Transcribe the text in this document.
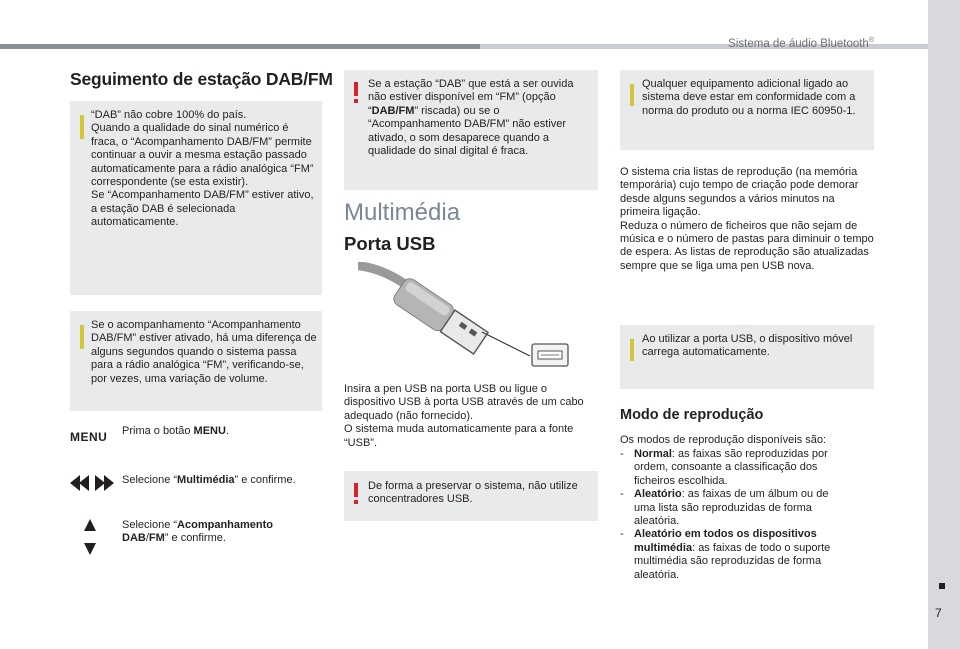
Sistema de áudio Bluetooth®
7
Seguimento de estação DAB/FM
“DAB” não cobre 100% do país.
Quando a qualidade do sinal numérico é fraca, o “Acompanhamento DAB/FM” permite continuar a ouvir a mesma estação passado automaticamente para a rádio analógica “FM” correspondente (se esta existir).
Se “Acompanhamento DAB/FM” estiver ativo, a estação DAB é selecionada automaticamente.
Se o acompanhamento “Acompanhamento DAB/FM” estiver ativado, há uma diferença de alguns segundos quando o sistema passa para a rádio analógica “FM”, verificando-se, por vezes, uma variação de volume.
MENU Prima o botão MENU.
Selecione “Multimédia” e confirme.
Selecione “Acompanhamento DAB/FM” e confirme.
Se a estação “DAB” que está a ser ouvida não estiver disponível em “FM” (opção “DAB/FM” riscada) ou se o “Acompanhamento DAB/FM” não estiver ativado, o som desaparece quando a qualidade do sinal digital é fraca.
Multimédia
Porta USB
Insira a pen USB na porta USB ou ligue o dispositivo USB à porta USB através de um cabo adequado (não fornecido).
O sistema muda automaticamente para a fonte “USB”.
De forma a preservar o sistema, não utilize concentradores USB.
Qualquer equipamento adicional ligado ao sistema deve estar em conformidade com a norma do produto ou a norma IEC 60950-1.
O sistema cria listas de reprodução (na memória temporária) cujo tempo de criação pode demorar desde alguns segundos a vários minutos na primeira ligação.
Reduza o número de ficheiros que não sejam de música e o número de pastas para diminuir o tempo de espera. As listas de reprodução são atualizadas sempre que se liga uma pen USB nova.
Ao utilizar a porta USB, o dispositivo móvel carrega automaticamente.
Modo de reprodução
Os modos de reprodução disponíveis são:
- Normal: as faixas são reproduzidas por ordem, consoante a classificação dos ficheiros escolhida.
- Aleatório: as faixas de um álbum ou de uma lista são reproduzidas de forma aleatória.
- Aleatório em todos os dispositivos multimédia: as faixas de todo o suporte multimédia são reproduzidas de forma aleatória.
